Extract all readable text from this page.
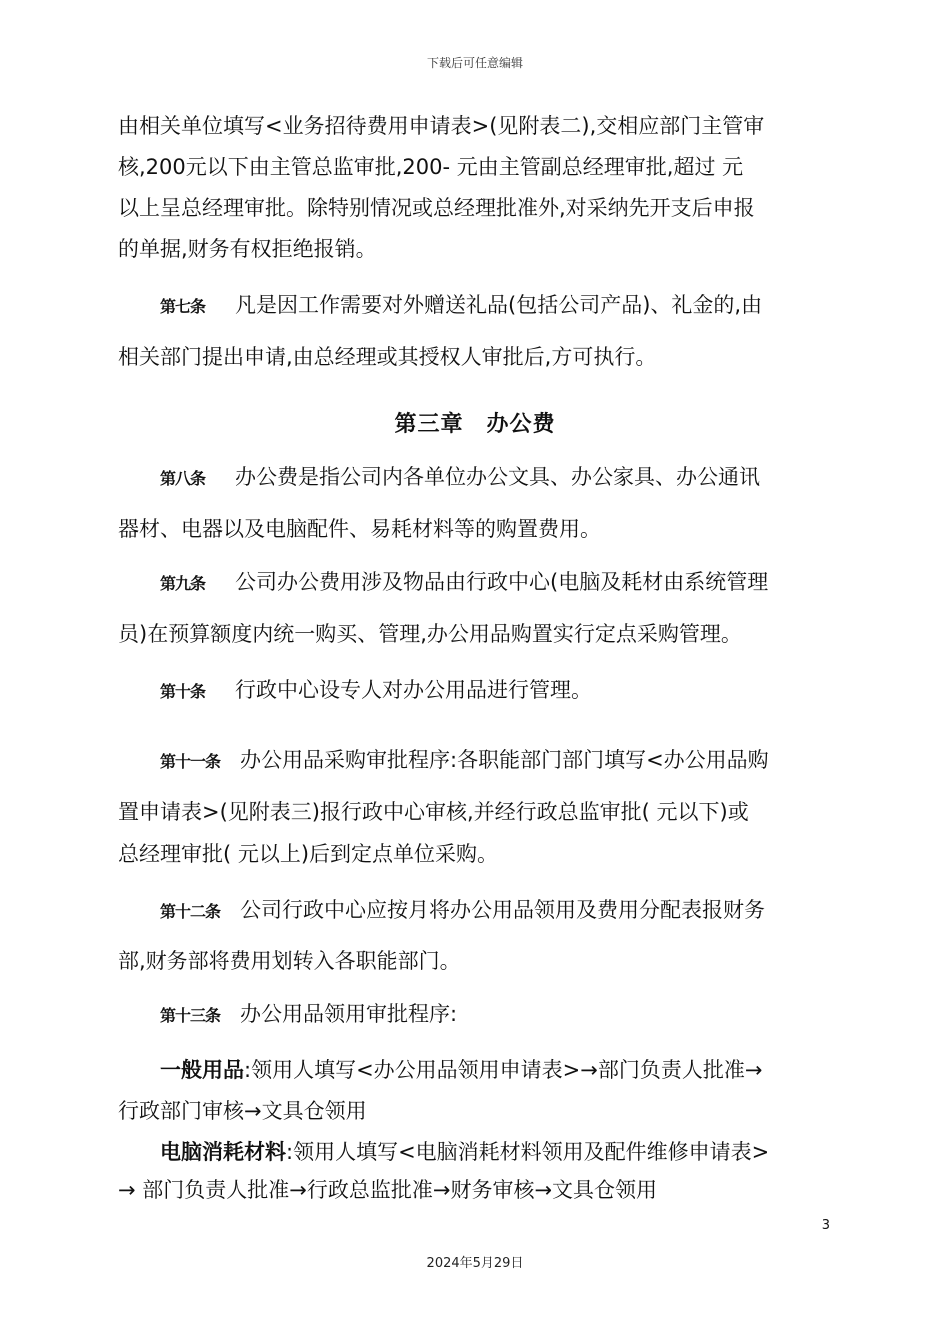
下载后可任意编辑
由相关单位填写<业务招待费用申请表>(见附表二),交相应部门主管审
核,200元以下由主管总监审批,200- 元由主管副总经理审批,超过 元
以上呈总经理审批。除特别情况或总经理批准外,对采纳先开支后申报
的单据,财务有权拒绝报销。
第七条 凡是因工作需要对外赠送礼品(包括公司产品)、礼金的,由
相关部门提出申请,由总经理或其授权人审批后,方可执行。
第三章　办公费
第八条 办公费是指公司内各单位办公文具、办公家具、办公通讯
器材、电器以及电脑配件、易耗材料等的购置费用。
第九条 公司办公费用涉及物品由行政中心(电脑及耗材由系统管理
员)在预算额度内统一购买、管理,办公用品购置实行定点采购管理。
第十条 行政中心设专人对办公用品进行管理。
第十一条 办公用品采购审批程序:各职能部门部门填写<办公用品购
置申请表>(见附表三)报行政中心审核,并经行政总监审批( 元以下)或
总经理审批( 元以上)后到定点单位采购。
第十二条 公司行政中心应按月将办公用品领用及费用分配表报财务
部,财务部将费用划转入各职能部门。
第十三条 办公用品领用审批程序:
一般用品:领用人填写<办公用品领用申请表>→部门负责人批准→
行政部门审核→文具仓领用
电脑消耗材料:领用人填写<电脑消耗材料领用及配件维修申请表>
→ 部门负责人批准→行政总监批准→财务审核→文具仓领用
3
2024年5月29日
